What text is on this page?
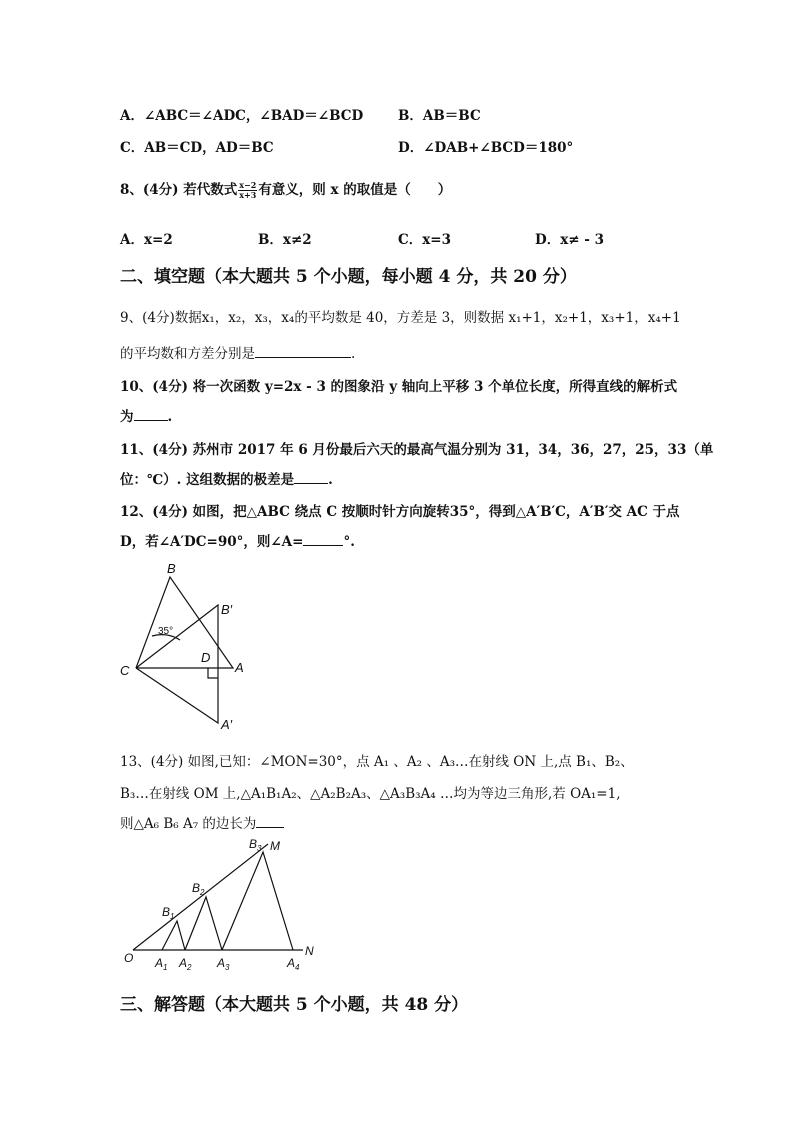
A．∠ABC＝∠ADC，∠BAD＝∠BCD	B．AB＝BC
C．AB＝CD，AD＝BC	D．∠DAB+∠BCD＝180°
8、(4分) 若代数式 $\frac{x-2}{x+3}$ 有意义，则 x 的取值是（　　）
A．x=2	B．x≠2	C．x=3	D．x≠ - 3
二、填空题（本大题共 5 个小题，每小题 4 分，共 20 分）
9、(4分)数据x₁，x₂，x₃，x₄的平均数是 40，方差是 3，则数据 x₁+1，x₂+1，x₃+1，x₄+1
的平均数和方差分别是	.
10、(4分) 将一次函数 y=2x - 3 的图象沿 y 轴向上平移 3 个单位长度，所得直线的解析式
为	.
11、(4分) 苏州市 2017 年 6 月份最后六天的最高气温分别为 31，34，36，27，25，33（单
位：℃）. 这组数据的极差是	.
12、(4分) 如图，把△ABC 绕点 C 按顺时针方向旋转35°，得到△A′B′C，A′B′交 AC 于点
D，若∠A′DC=90°，则∠A=	°.
B
B′
C
D
A
A′
35°
13、(4分) 如图,已知：∠MON=30°，点 A₁ 、A₂ 、A₃…在射线 ON 上,点 B₁、B₂、
B₃…在射线 OM 上,△A₁B₁A₂、△A₂B₂A₃、△A₃B₃A₄ …均为等边三角形,若 OA₁=1,
则△A₆ B₆ A₇ 的边长为
O	N
M
$A_1$ $A_2$ $A_3$	$A_4$
$B_1$
$B_2$
$B_3$
三、解答题（本大题共 5 个小题，共 48 分）
